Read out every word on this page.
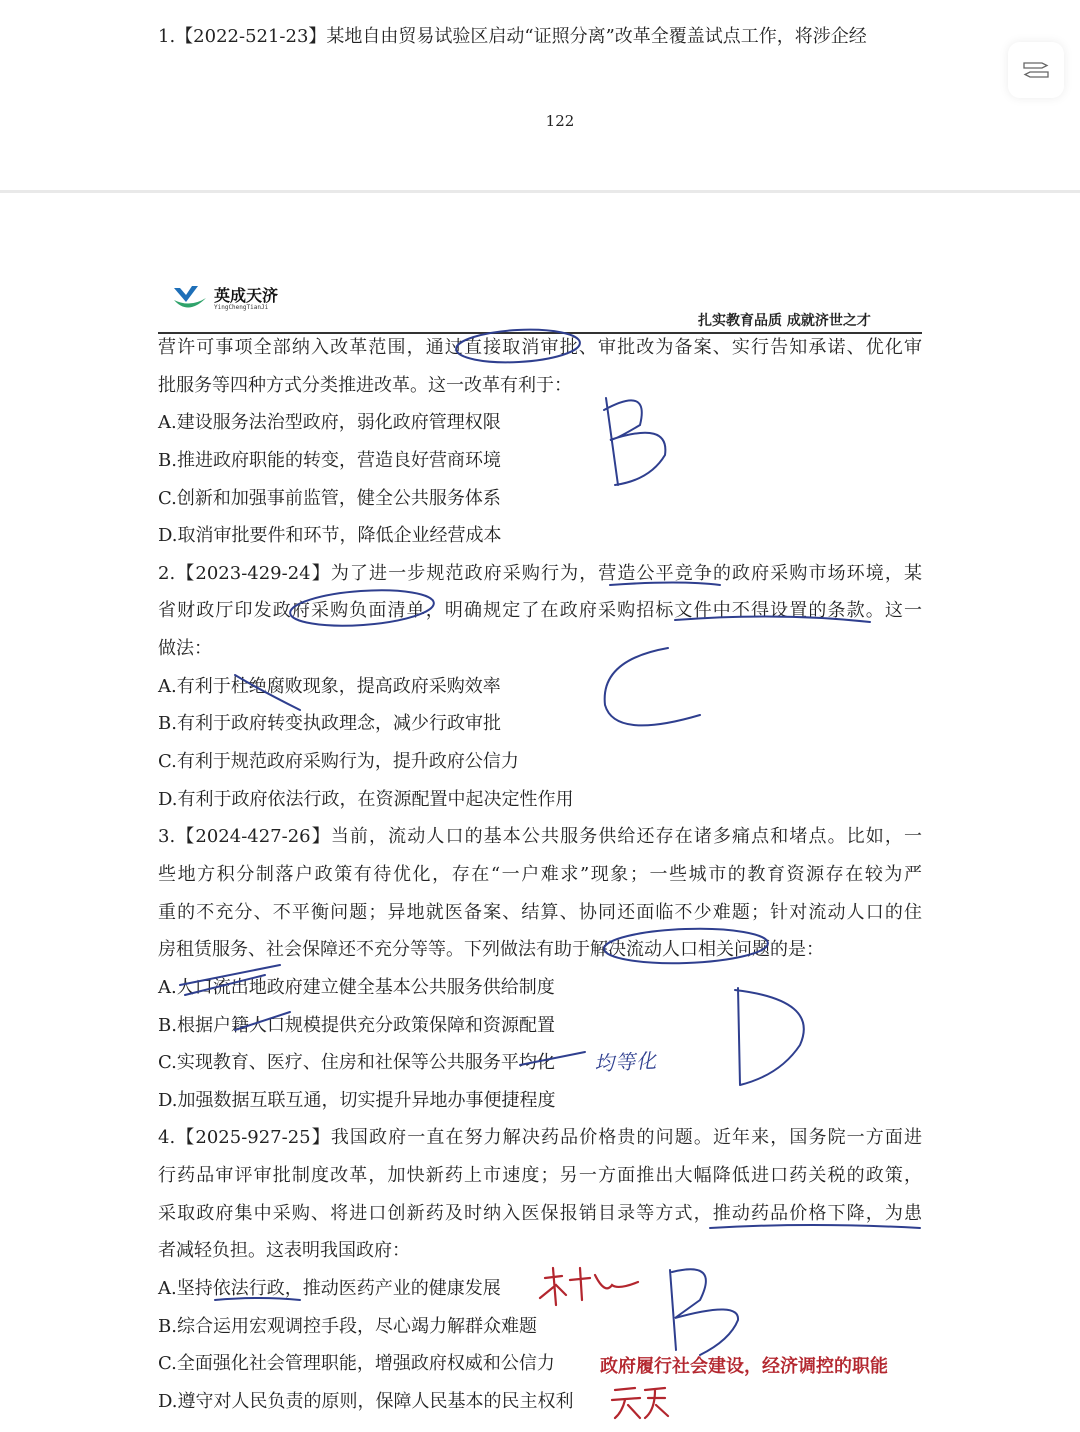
1.【2022-521-23】某地自由贸易试验区启动“证照分离”改革全覆盖试点工作，将涉企经
122
英成天济
YingChengTianJi
扎实教育品质 成就济世之才
营许可事项全部纳入改革范围，通过直接取消审批、审批改为备案、实行告知承诺、优化审
批服务等四种方式分类推进改革。这一改革有利于：
A.建设服务法治型政府，弱化政府管理权限
B.推进政府职能的转变，营造良好营商环境
C.创新和加强事前监管，健全公共服务体系
D.取消审批要件和环节，降低企业经营成本
2.【2023-429-24】为了进一步规范政府采购行为，营造公平竞争的政府采购市场环境，某
省财政厅印发政府采购负面清单，明确规定了在政府采购招标文件中不得设置的条款。这一
做法：
A.有利于杜绝腐败现象，提高政府采购效率
B.有利于政府转变执政理念，减少行政审批
C.有利于规范政府采购行为，提升政府公信力
D.有利于政府依法行政，在资源配置中起决定性作用
3.【2024-427-26】当前，流动人口的基本公共服务供给还存在诸多痛点和堵点。比如，一
些地方积分制落户政策有待优化，存在“一户难求”现象；一些城市的教育资源存在较为严
重的不充分、不平衡问题；异地就医备案、结算、协同还面临不少难题；针对流动人口的住
房租赁服务、社会保障还不充分等等。下列做法有助于解决流动人口相关问题的是：
A.人口流出地政府建立健全基本公共服务供给制度
B.根据户籍人口规模提供充分政策保障和资源配置
C.实现教育、医疗、住房和社保等公共服务平均化
D.加强数据互联互通，切实提升异地办事便捷程度
4.【2025-927-25】我国政府一直在努力解决药品价格贵的问题。近年来，国务院一方面进
行药品审评审批制度改革，加快新药上市速度；另一方面推出大幅降低进口药关税的政策，
采取政府集中采购、将进口创新药及时纳入医保报销目录等方式，推动药品价格下降，为患
者减轻负担。这表明我国政府：
A.坚持依法行政，推动医药产业的健康发展
B.综合运用宏观调控手段，尽心竭力解群众难题
C.全面强化社会管理职能，增强政府权威和公信力
D.遵守对人民负责的原则，保障人民基本的民主权利
均等化
政府履行社会建设，经济调控的职能
